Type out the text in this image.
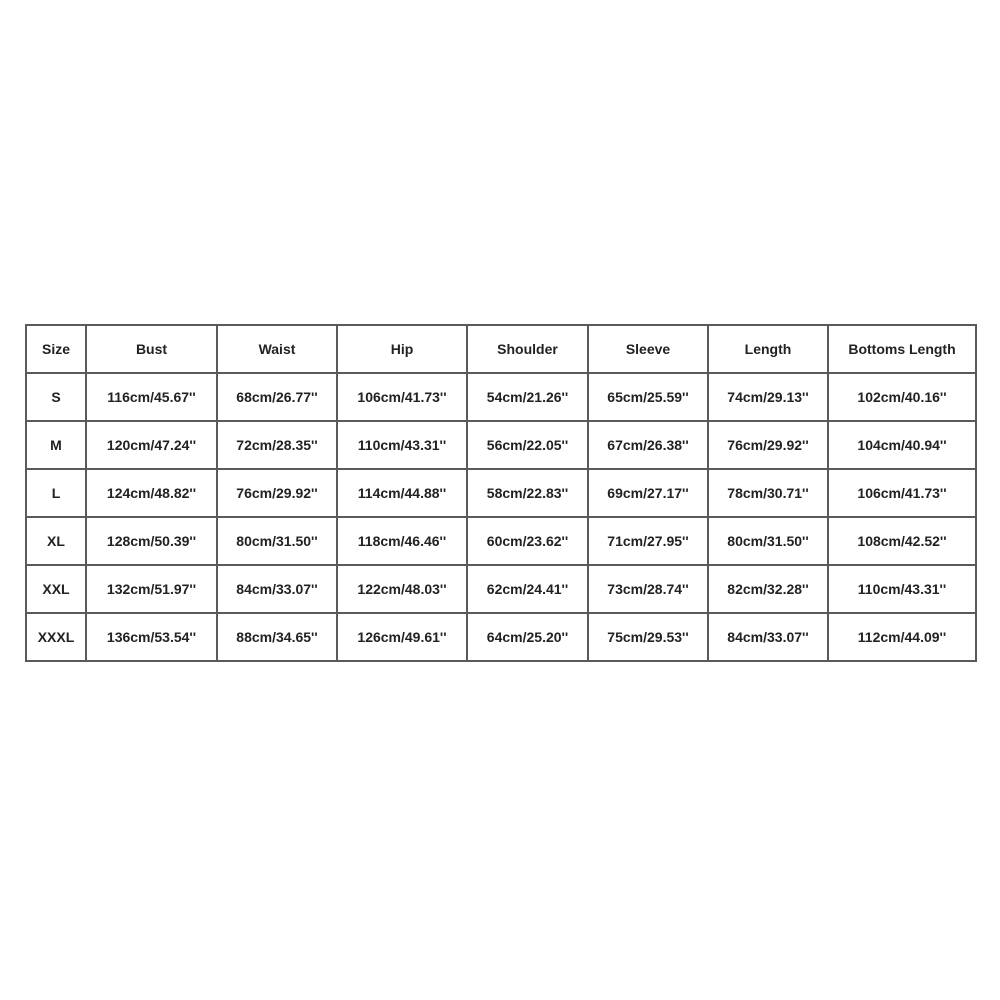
Size	Bust	Waist	Hip	Shoulder	Sleeve	Length	Bottoms Length
S	116cm/45.67''	68cm/26.77''	106cm/41.73''	54cm/21.26''	65cm/25.59''	74cm/29.13''	102cm/40.16''
M	120cm/47.24''	72cm/28.35''	110cm/43.31''	56cm/22.05''	67cm/26.38''	76cm/29.92''	104cm/40.94''
L	124cm/48.82''	76cm/29.92''	114cm/44.88''	58cm/22.83''	69cm/27.17''	78cm/30.71''	106cm/41.73''
XL	128cm/50.39''	80cm/31.50''	118cm/46.46''	60cm/23.62''	71cm/27.95''	80cm/31.50''	108cm/42.52''
XXL	132cm/51.97''	84cm/33.07''	122cm/48.03''	62cm/24.41''	73cm/28.74''	82cm/32.28''	110cm/43.31''
XXXL	136cm/53.54''	88cm/34.65''	126cm/49.61''	64cm/25.20''	75cm/29.53''	84cm/33.07''	112cm/44.09''
